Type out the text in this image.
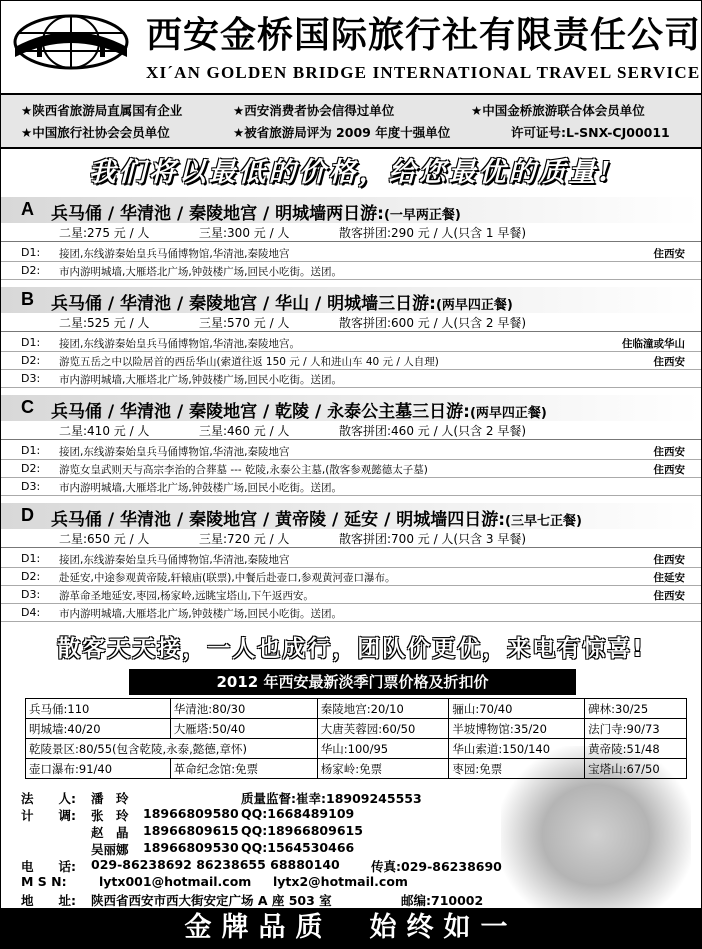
西安金桥国际旅行社有限责任公司
XI´AN GOLDEN BRIDGE INTERNATIONAL TRAVEL SERVICE
★陕西省旅游局直属国有企业	★西安消费者协会信得过单位	★中国金桥旅游联合体会员单位
★中国旅行社协会会员单位	★被省旅游局评为 2009 年度十强单位	许可证号:L-SNX-CJ00011
我们将以最低的价格，给您最优的质量!
A 兵马俑 / 华清池 / 秦陵地宫 / 明城墙两日游:(一早两正餐)
二星:275 元 / 人	三星:300 元 / 人	散客拼团:290 元 / 人(只含 1 早餐)
D1: 接团,东线游秦始皇兵马俑博物馆,华清池,秦陵地宫	住西安
D2: 市内游明城墙,大雁塔北广场,钟鼓楼广场,回民小吃街。送团。
B 兵马俑 / 华清池 / 秦陵地宫 / 华山 / 明城墙三日游:(两早四正餐)
二星:525 元 / 人	三星:570 元 / 人	散客拼团:600 元 / 人(只含 2 早餐)
D1: 接团,东线游秦始皇兵马俑博物馆,华清池,秦陵地宫。	住临潼或华山
D2: 游览五岳之中以险居首的西岳华山(索道往返 150 元 / 人和进山车 40 元 / 人自理)	住西安
D3: 市内游明城墙,大雁塔北广场,钟鼓楼广场,回民小吃街。送团。
C 兵马俑 / 华清池 / 秦陵地宫 / 乾陵 / 永泰公主墓三日游:(两早四正餐)
二星:410 元 / 人	三星:460 元 / 人	散客拼团:460 元 / 人(只含 2 早餐)
D1: 接团,东线游秦始皇兵马俑博物馆,华清池,秦陵地宫	住西安
D2: 游览女皇武则天与高宗李治的合葬墓 --- 乾陵,永泰公主墓,(散客参观懿德太子墓)	住西安
D3: 市内游明城墙,大雁塔北广场,钟鼓楼广场,回民小吃街。送团。
D 兵马俑 / 华清池 / 秦陵地宫 / 黄帝陵 / 延安 / 明城墙四日游:(三早七正餐)
二星:650 元 / 人	三星:720 元 / 人	散客拼团:700 元 / 人(只含 3 早餐)
D1: 接团,东线游秦始皇兵马俑博物馆,华清池,秦陵地宫	住西安
D2: 赴延安,中途参观黄帝陵,轩辕庙(联票),中餐后赴壶口,参观黄河壶口瀑布。	住延安
D3: 游革命圣地延安,枣园,杨家岭,远眺宝塔山,下午返西安。	住西安
D4: 市内游明城墙,大雁塔北广场,钟鼓楼广场,回民小吃街。送团。
散客天天接，一人也成行，团队价更优，来电有惊喜!
2012 年西安最新淡季门票价格及折扣价
兵马俑:110	华清池:80/30	秦陵地宫:20/10	骊山:70/40	碑林:30/25
明城墙:40/20	大雁塔:50/40	大唐芙蓉园:60/50	半坡博物馆:35/20	法门寺:90/73
乾陵景区:80/55(包含乾陵,永泰,懿德,章怀)		华山:100/95	华山索道:150/140	黄帝陵:51/48
壶口瀑布:91/40	革命纪念馆:免票	杨家岭:免票	枣园:免票	宝塔山:67/50
法　　人: 潘　玲	质量监督:崔幸:18909245553
计　　调: 张　玲 18966809580 QQ:1668489109
赵　晶 18966809615 QQ:18966809615
吴丽娜 18966809530 QQ:1564530466
电　　话: 029-86238692 86238655 68880140	传真:029-86238690
M S N:	lytx001@hotmail.com lytx2@hotmail.com
地　　址: 陕西省西安市西大街安定广场 A 座 503 室	邮编:710002
金牌品质　始终如一
